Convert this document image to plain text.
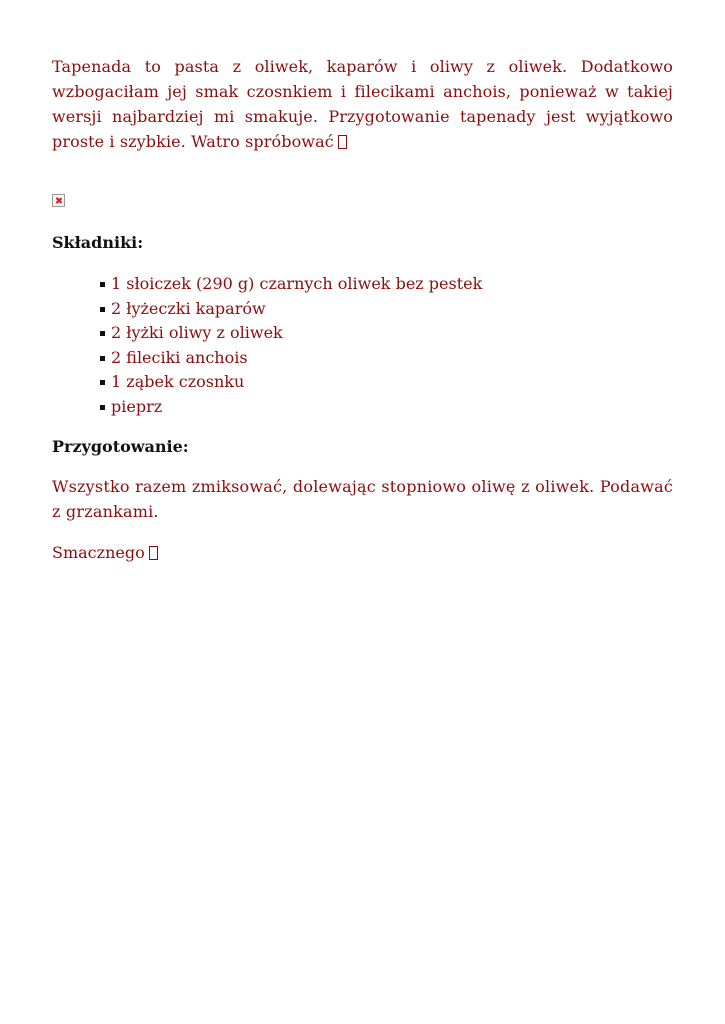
Tapenada to pasta z oliwek, kaparów i oliwy z oliwek. Dodatkowo wzbogaciłam jej smak czosnkiem i filecikami anchois, ponieważ w takiej wersji najbardziej mi smakuje. Przygotowanie tapenady jest wyjątkowo proste i szybkie. Watro spróbować

Składniki:
1 słoiczek (290 g) czarnych oliwek bez pestek
2 łyżeczki kaparów
2 łyżki oliwy z oliwek
2 fileciki anchois
1 ząbek czosnku
pieprz
Przygotowanie:

Wszystko razem zmiksować, dolewając stopniowo oliwę z oliwek. Podawać z grzankami.

Smacznego
